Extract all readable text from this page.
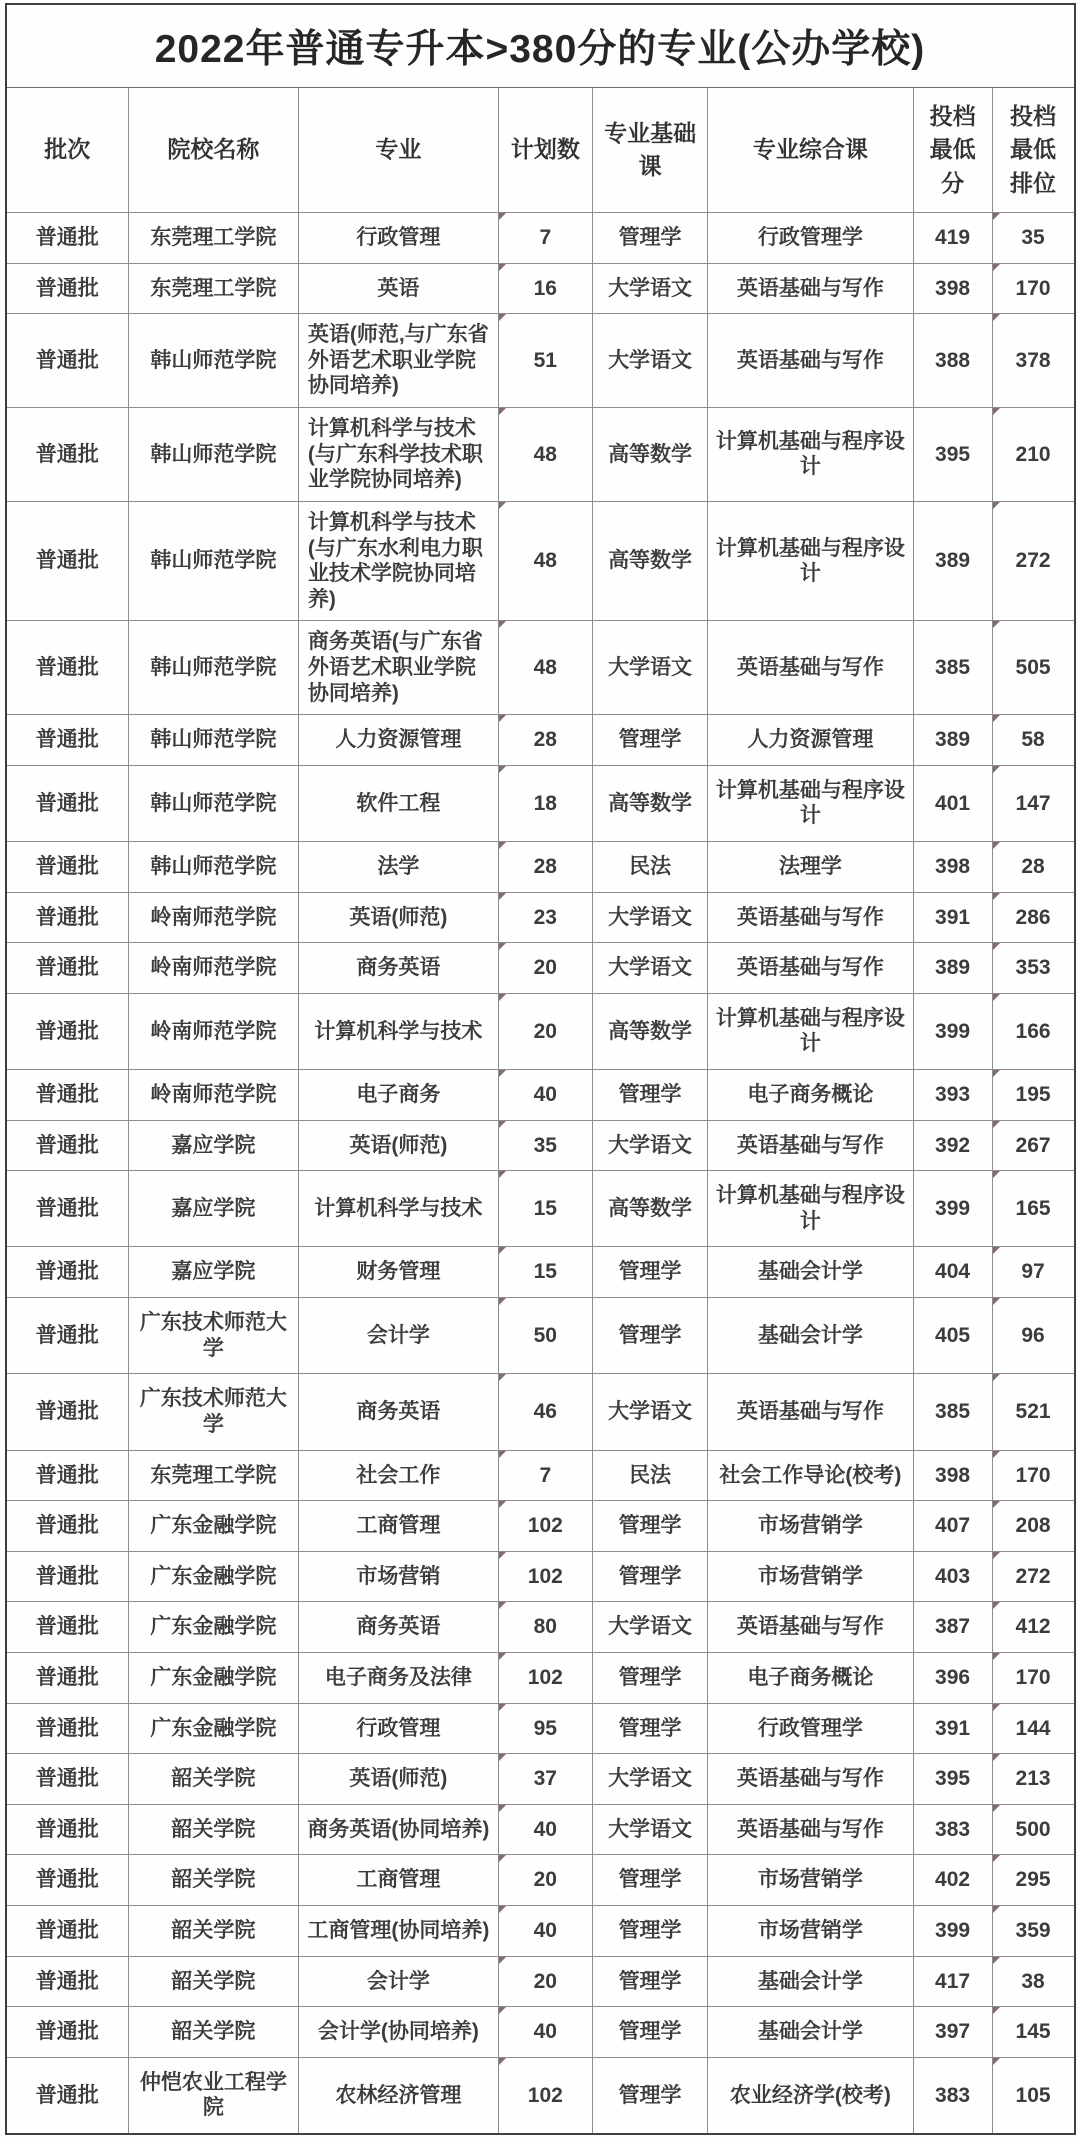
2022年普通专升本>380分的专业(公办学校)							
批次	院校名称	专业	计划数	专业基础课	专业综合课	投档最低分	投档最低排位
普通批	东莞理工学院	行政管理	7	管理学	行政管理学	419	35
普通批	东莞理工学院	英语	16	大学语文	英语基础与写作	398	170
普通批	韩山师范学院	英语(师范,与广东省外语艺术职业学院协同培养)	51	大学语文	英语基础与写作	388	378
普通批	韩山师范学院	计算机科学与技术(与广东科学技术职业学院协同培养)	48	高等数学	计算机基础与程序设计	395	210
普通批	韩山师范学院	计算机科学与技术(与广东水利电力职业技术学院协同培养)	48	高等数学	计算机基础与程序设计	389	272
普通批	韩山师范学院	商务英语(与广东省外语艺术职业学院协同培养)	48	大学语文	英语基础与写作	385	505
普通批	韩山师范学院	人力资源管理	28	管理学	人力资源管理	389	58
普通批	韩山师范学院	软件工程	18	高等数学	计算机基础与程序设计	401	147
普通批	韩山师范学院	法学	28	民法	法理学	398	28
普通批	岭南师范学院	英语(师范)	23	大学语文	英语基础与写作	391	286
普通批	岭南师范学院	商务英语	20	大学语文	英语基础与写作	389	353
普通批	岭南师范学院	计算机科学与技术	20	高等数学	计算机基础与程序设计	399	166
普通批	岭南师范学院	电子商务	40	管理学	电子商务概论	393	195
普通批	嘉应学院	英语(师范)	35	大学语文	英语基础与写作	392	267
普通批	嘉应学院	计算机科学与技术	15	高等数学	计算机基础与程序设计	399	165
普通批	嘉应学院	财务管理	15	管理学	基础会计学	404	97
普通批	广东技术师范大学	会计学	50	管理学	基础会计学	405	96
普通批	广东技术师范大学	商务英语	46	大学语文	英语基础与写作	385	521
普通批	东莞理工学院	社会工作	7	民法	社会工作导论(校考)	398	170
普通批	广东金融学院	工商管理	102	管理学	市场营销学	407	208
普通批	广东金融学院	市场营销	102	管理学	市场营销学	403	272
普通批	广东金融学院	商务英语	80	大学语文	英语基础与写作	387	412
普通批	广东金融学院	电子商务及法律	102	管理学	电子商务概论	396	170
普通批	广东金融学院	行政管理	95	管理学	行政管理学	391	144
普通批	韶关学院	英语(师范)	37	大学语文	英语基础与写作	395	213
普通批	韶关学院	商务英语(协同培养)	40	大学语文	英语基础与写作	383	500
普通批	韶关学院	工商管理	20	管理学	市场营销学	402	295
普通批	韶关学院	工商管理(协同培养)	40	管理学	市场营销学	399	359
普通批	韶关学院	会计学	20	管理学	基础会计学	417	38
普通批	韶关学院	会计学(协同培养)	40	管理学	基础会计学	397	145
普通批	仲恺农业工程学院	农林经济管理	102	管理学	农业经济学(校考)	383	105
